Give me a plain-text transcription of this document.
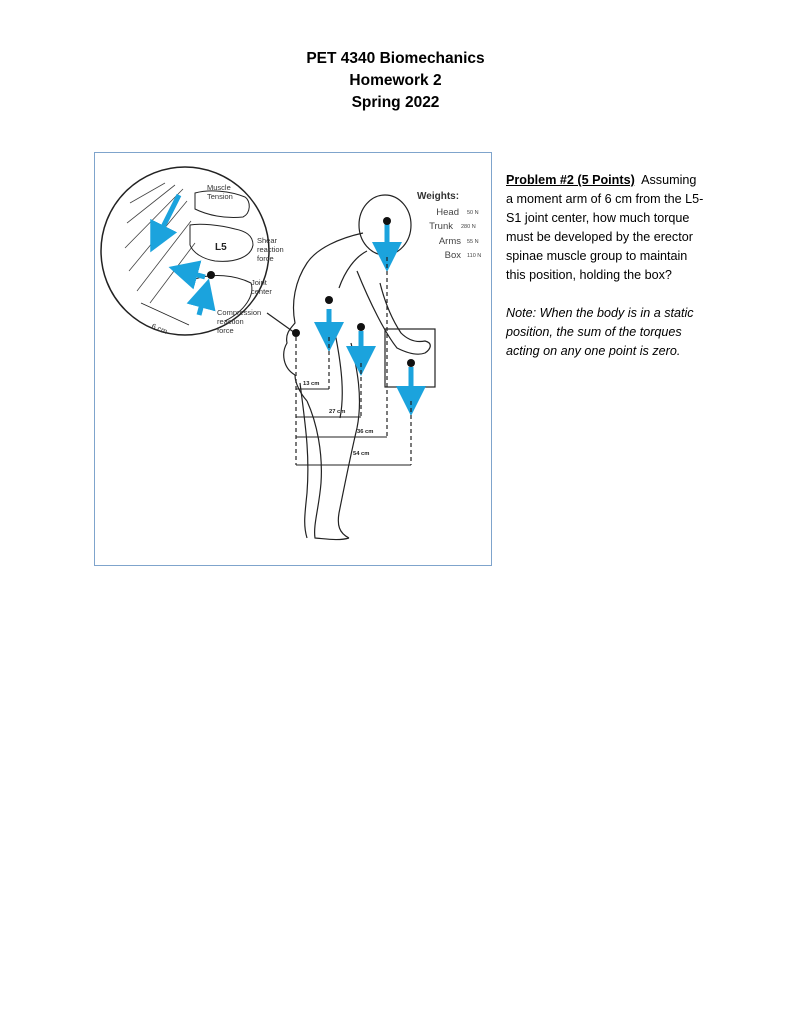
PET 4340 Biomechanics
Homework 2
Spring 2022
Muscle
Tension
L5
Shear
reaction
force
Joint
center
Compression
reaction
force
6 cm
Weights:
Head 50 N
Trunk 280 N
Arms 55 N
Box 110 N
13 cm
27 cm
36 cm
54 cm

Problem #2 (5 Points) Assuming a moment arm of 6 cm from the L5-S1 joint center, how much torque must be developed by the erector spinae muscle group to maintain this position, holding the box?

Note: When the body is in a static position, the sum of the torques acting on any one point is zero.
